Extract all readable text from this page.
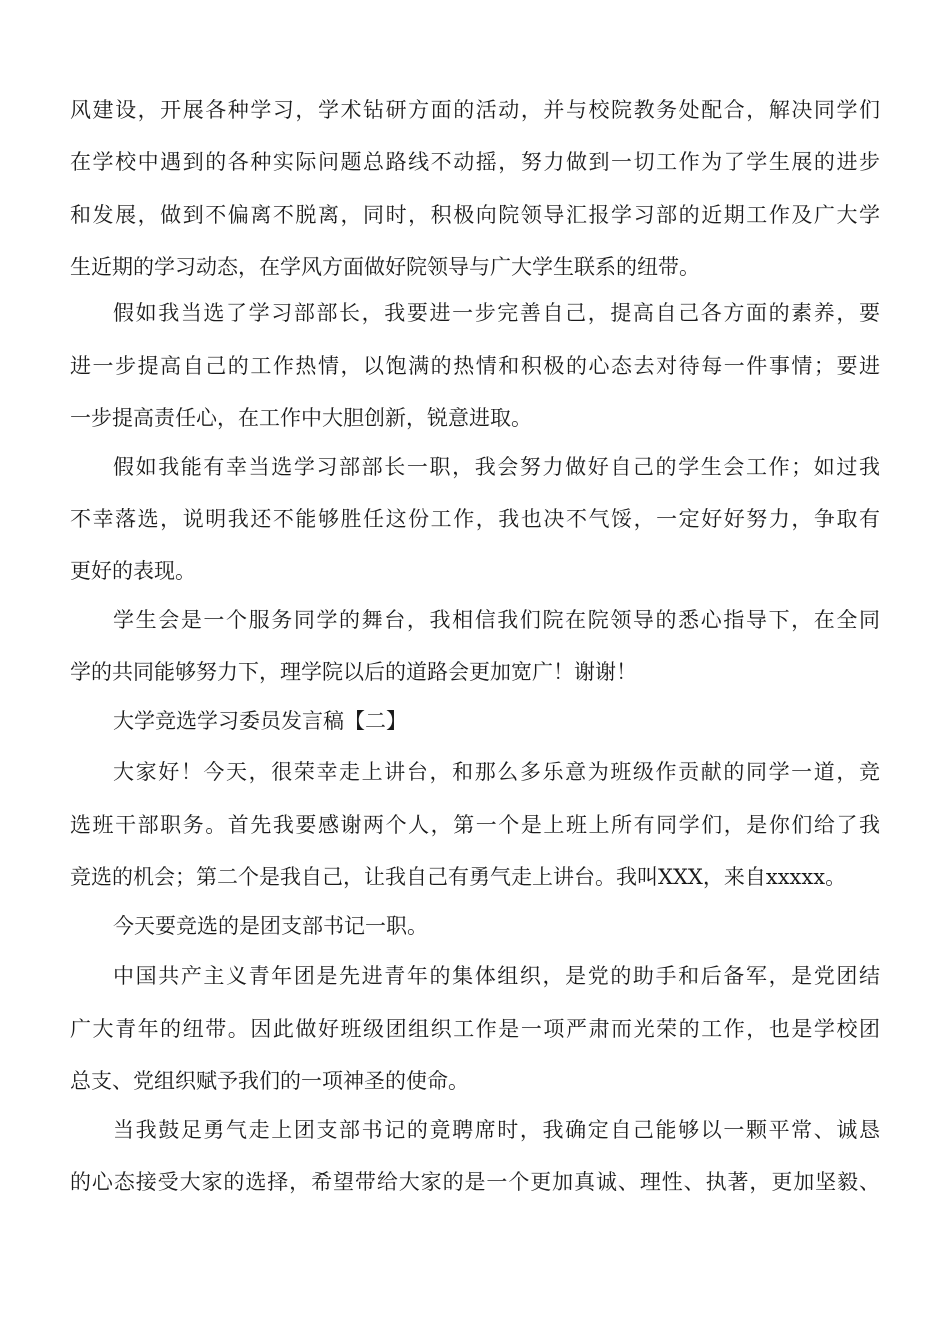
风建设，开展各种学习，学术钻研方面的活动，并与校院教务处配合，解决同学们
在学校中遇到的各种实际问题总路线不动摇，努力做到一切工作为了学生展的进步
和发展，做到不偏离不脱离，同时，积极向院领导汇报学习部的近期工作及广大学
生近期的学习动态，在学风方面做好院领导与广大学生联系的纽带。
假如我当选了学习部部长，我要进一步完善自己，提高自己各方面的素养，要
进一步提高自己的工作热情，以饱满的热情和积极的心态去对待每一件事情；要进
一步提高责任心，在工作中大胆创新，锐意进取。
假如我能有幸当选学习部部长一职，我会努力做好自己的学生会工作；如过我
不幸落选，说明我还不能够胜任这份工作，我也决不气馁，一定好好努力，争取有
更好的表现。
学生会是一个服务同学的舞台，我相信我们院在院领导的悉心指导下，在全同
学的共同能够努力下，理学院以后的道路会更加宽广！谢谢！
大学竞选学习委员发言稿【二】
大家好！今天，很荣幸走上讲台，和那么多乐意为班级作贡献的同学一道，竞
选班干部职务。首先我要感谢两个人，第一个是上班上所有同学们，是你们给了我
竞选的机会；第二个是我自己，让我自己有勇气走上讲台。我叫XXX，来自xxxxx。
今天要竞选的是团支部书记一职。
中国共产主义青年团是先进青年的集体组织，是党的助手和后备军，是党团结
广大青年的纽带。因此做好班级团组织工作是一项严肃而光荣的工作，也是学校团
总支、党组织赋予我们的一项神圣的使命。
当我鼓足勇气走上团支部书记的竟聘席时，我确定自己能够以一颗平常、诚恳
的心态接受大家的选择，希望带给大家的是一个更加真诚、理性、执著，更加坚毅、
